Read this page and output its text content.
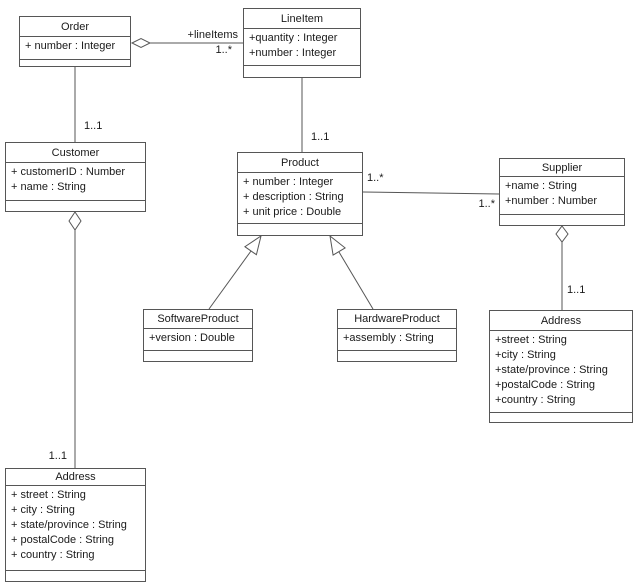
Order
+ number : Integer
LineItem
+quantity : Integer
+number : Integer
Customer
+ customerID : Number
+ name : String
Product
+ number : Integer
+ description : String
+ unit price : Double
Supplier
+name : String
+number : Number
SoftwareProduct
+version : Double
HardwareProduct
+assembly : String
Address
+street : String
+city : String
+state/province : String
+postalCode : String
+country : String
Address
+ street : String
+ city : String
+ state/province : String
+ postalCode : String
+ country : String
+lineItems
1..*
1..1
1..1
1..*
1..*
1..1
1..1
